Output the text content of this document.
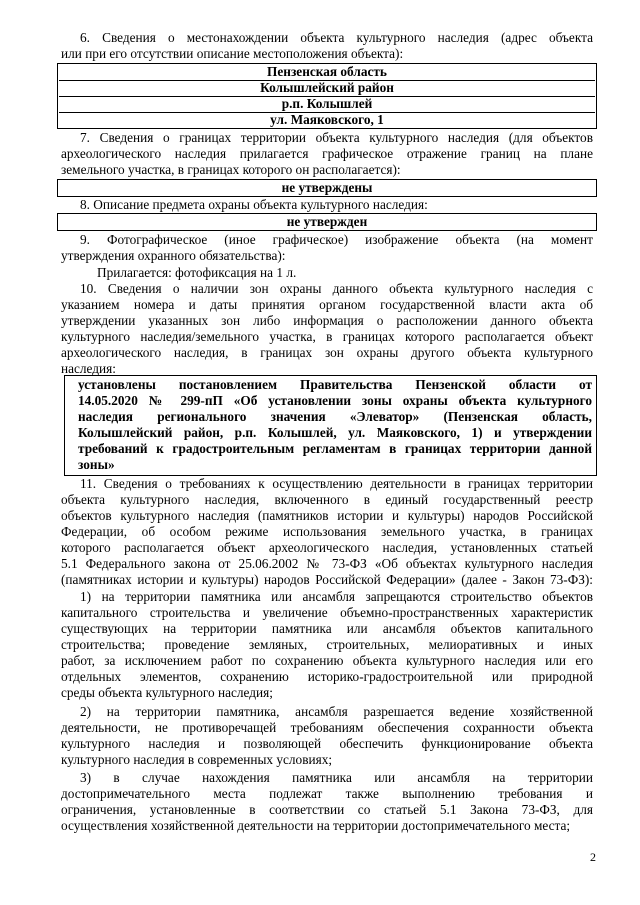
6. Сведения о местонахождении объекта культурного наследия (адрес объекта
или при его отсутствии описание местоположения объекта):
Пензенская область
Колышлейский район
р.п. Колышлей
ул. Маяковского, 1
7. Сведения о границах территории объекта культурного наследия (для объектов
археологического наследия прилагается графическое отражение границ на плане
земельного участка, в границах которого он располагается):
не утверждены
8. Описание предмета охраны объекта культурного наследия:
не утвержден
9. Фотографическое (иное графическое) изображение объекта (на момент
утверждения охранного обязательства):
Прилагается: фотофиксация на 1 л.
10. Сведения о наличии зон охраны данного объекта культурного наследия с
указанием номера и даты принятия органом государственной власти акта об
утверждении указанных зон либо информация о расположении данного объекта
культурного наследия/земельного участка, в границах которого располагается объект
археологического наследия, в границах зон охраны другого объекта культурного
наследия:
установлены постановлением Правительства Пензенской области от
14.05.2020 № 299-пП «Об установлении зоны охраны объекта культурного
наследия регионального значения «Элеватор» (Пензенская область,
Колышлейский район, р.п. Колышлей, ул. Маяковского, 1) и утверждении
требований к градостроительным регламентам в границах территории данной
зоны»
11. Сведения о требованиях к осуществлению деятельности в границах территории
объекта культурного наследия, включенного в единый государственный реестр
объектов культурного наследия (памятников истории и культуры) народов Российской
Федерации, об особом режиме использования земельного участка, в границах
которого располагается объект археологического наследия, установленных статьей
5.1 Федерального закона от 25.06.2002 № 73-ФЗ «Об объектах культурного наследия
(памятниках истории и культуры) народов Российской Федерации» (далее - Закон 73-ФЗ):
1) на территории памятника или ансамбля запрещаются строительство объектов
капитального строительства и увеличение объемно-пространственных характеристик
существующих на территории памятника или ансамбля объектов капитального
строительства; проведение земляных, строительных, мелиоративных и иных
работ, за исключением работ по сохранению объекта культурного наследия или его
отдельных элементов, сохранению историко-градостроительной или природной
среды объекта культурного наследия;
2) на территории памятника, ансамбля разрешается ведение хозяйственной
деятельности, не противоречащей требованиям обеспечения сохранности объекта
культурного наследия и позволяющей обеспечить функционирование объекта
культурного наследия в современных условиях;
3) в случае нахождения памятника или ансамбля на территории
достопримечательного места подлежат также выполнению требования и
ограничения, установленные в соответствии со статьей 5.1 Закона 73-ФЗ, для
осуществления хозяйственной деятельности на территории достопримечательного места;
2
